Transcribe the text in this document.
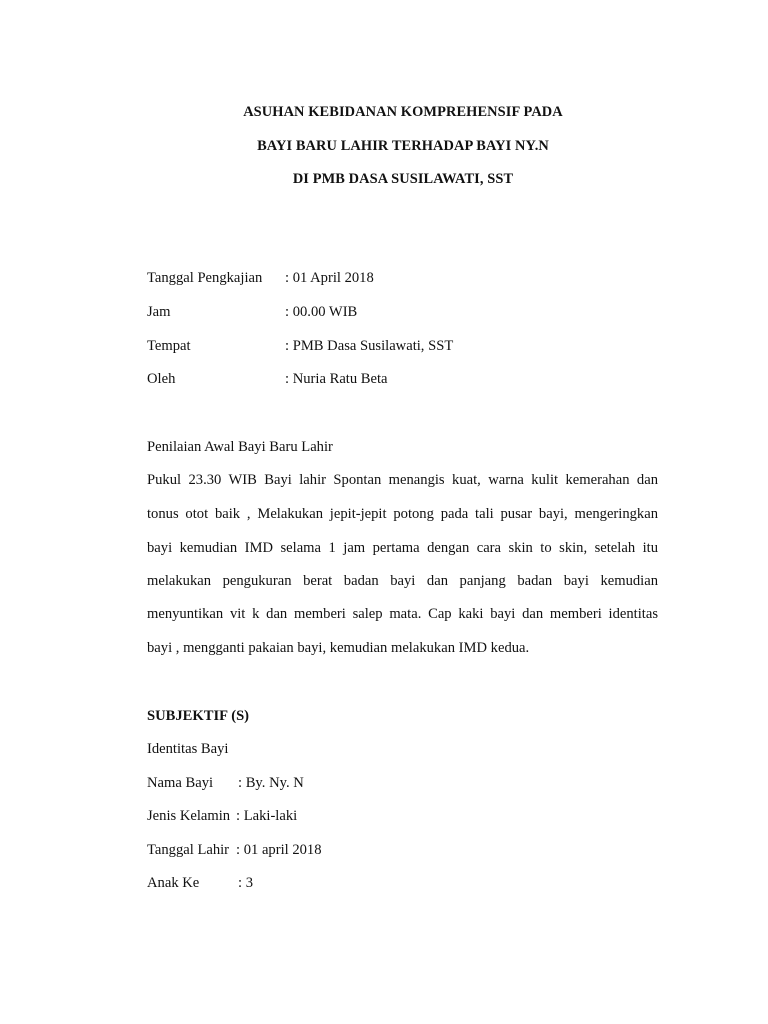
ASUHAN KEBIDANAN KOMPREHENSIF PADA
BAYI BARU LAHIR TERHADAP BAYI NY.N
DI PMB DASA SUSILAWATI, SST
Tanggal Pengkajian : 01 April 2018
Jam	: 00.00 WIB
Tempat	: PMB Dasa Susilawati, SST
Oleh	: Nuria Ratu Beta
Penilaian Awal Bayi Baru Lahir
Pukul 23.30 WIB Bayi lahir Spontan menangis kuat, warna kulit kemerahan dan
tonus otot baik , Melakukan jepit-jepit potong pada tali pusar bayi, mengeringkan
bayi kemudian IMD selama 1 jam pertama dengan cara skin to skin, setelah itu
melakukan pengukuran berat badan bayi dan panjang badan bayi kemudian
menyuntikan vit k dan memberi salep mata. Cap kaki bayi dan memberi identitas
bayi , mengganti pakaian bayi, kemudian melakukan IMD kedua.
SUBJEKTIF (S)
Identitas Bayi
Nama Bayi : By. Ny. N
Jenis Kelamin : Laki-laki
Tanggal Lahir : 01 april 2018
Anak Ke	: 3
